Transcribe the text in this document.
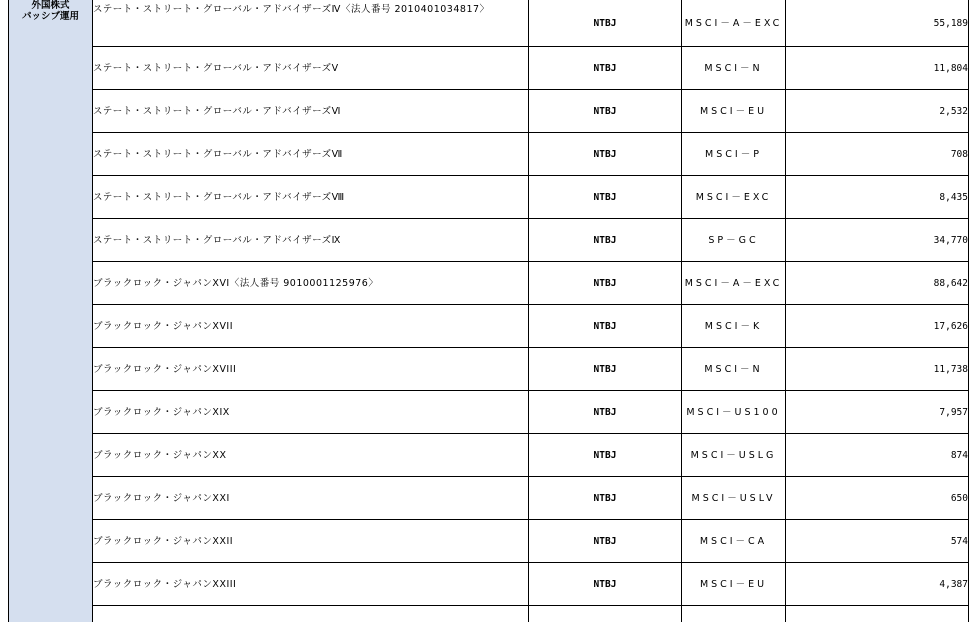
外国株式
パッシブ運用	ステート・ストリート・グローバル・アドバイザーズⅣ〈法人番号 2010401034817〉	NTBJ	MSCI－A－EXC	55,189
	ステート・ストリート・グローバル・アドバイザーズⅤ	NTBJ	MSCI－N	11,804
	ステート・ストリート・グローバル・アドバイザーズⅥ	NTBJ	MSCI－EU	2,532
	ステート・ストリート・グローバル・アドバイザーズⅦ	NTBJ	MSCI－P	708
	ステート・ストリート・グローバル・アドバイザーズⅧ	NTBJ	MSCI－EXC	8,435
	ステート・ストリート・グローバル・アドバイザーズⅨ	NTBJ	SP－GC	34,770
	ブラックロック・ジャパンXVI〈法人番号 9010001125976〉	NTBJ	MSCI－A－EXC	88,642
	ブラックロック・ジャパンXVII	NTBJ	MSCI－K	17,626
	ブラックロック・ジャパンXVIII	NTBJ	MSCI－N	11,738
	ブラックロック・ジャパンXIX	NTBJ	MSCI－US100	7,957
	ブラックロック・ジャパンXX	NTBJ	MSCI－USLG	874
	ブラックロック・ジャパンXXI	NTBJ	MSCI－USLV	650
	ブラックロック・ジャパンXXII	NTBJ	MSCI－CA	574
	ブラックロック・ジャパンXXIII	NTBJ	MSCI－EU	4,387
